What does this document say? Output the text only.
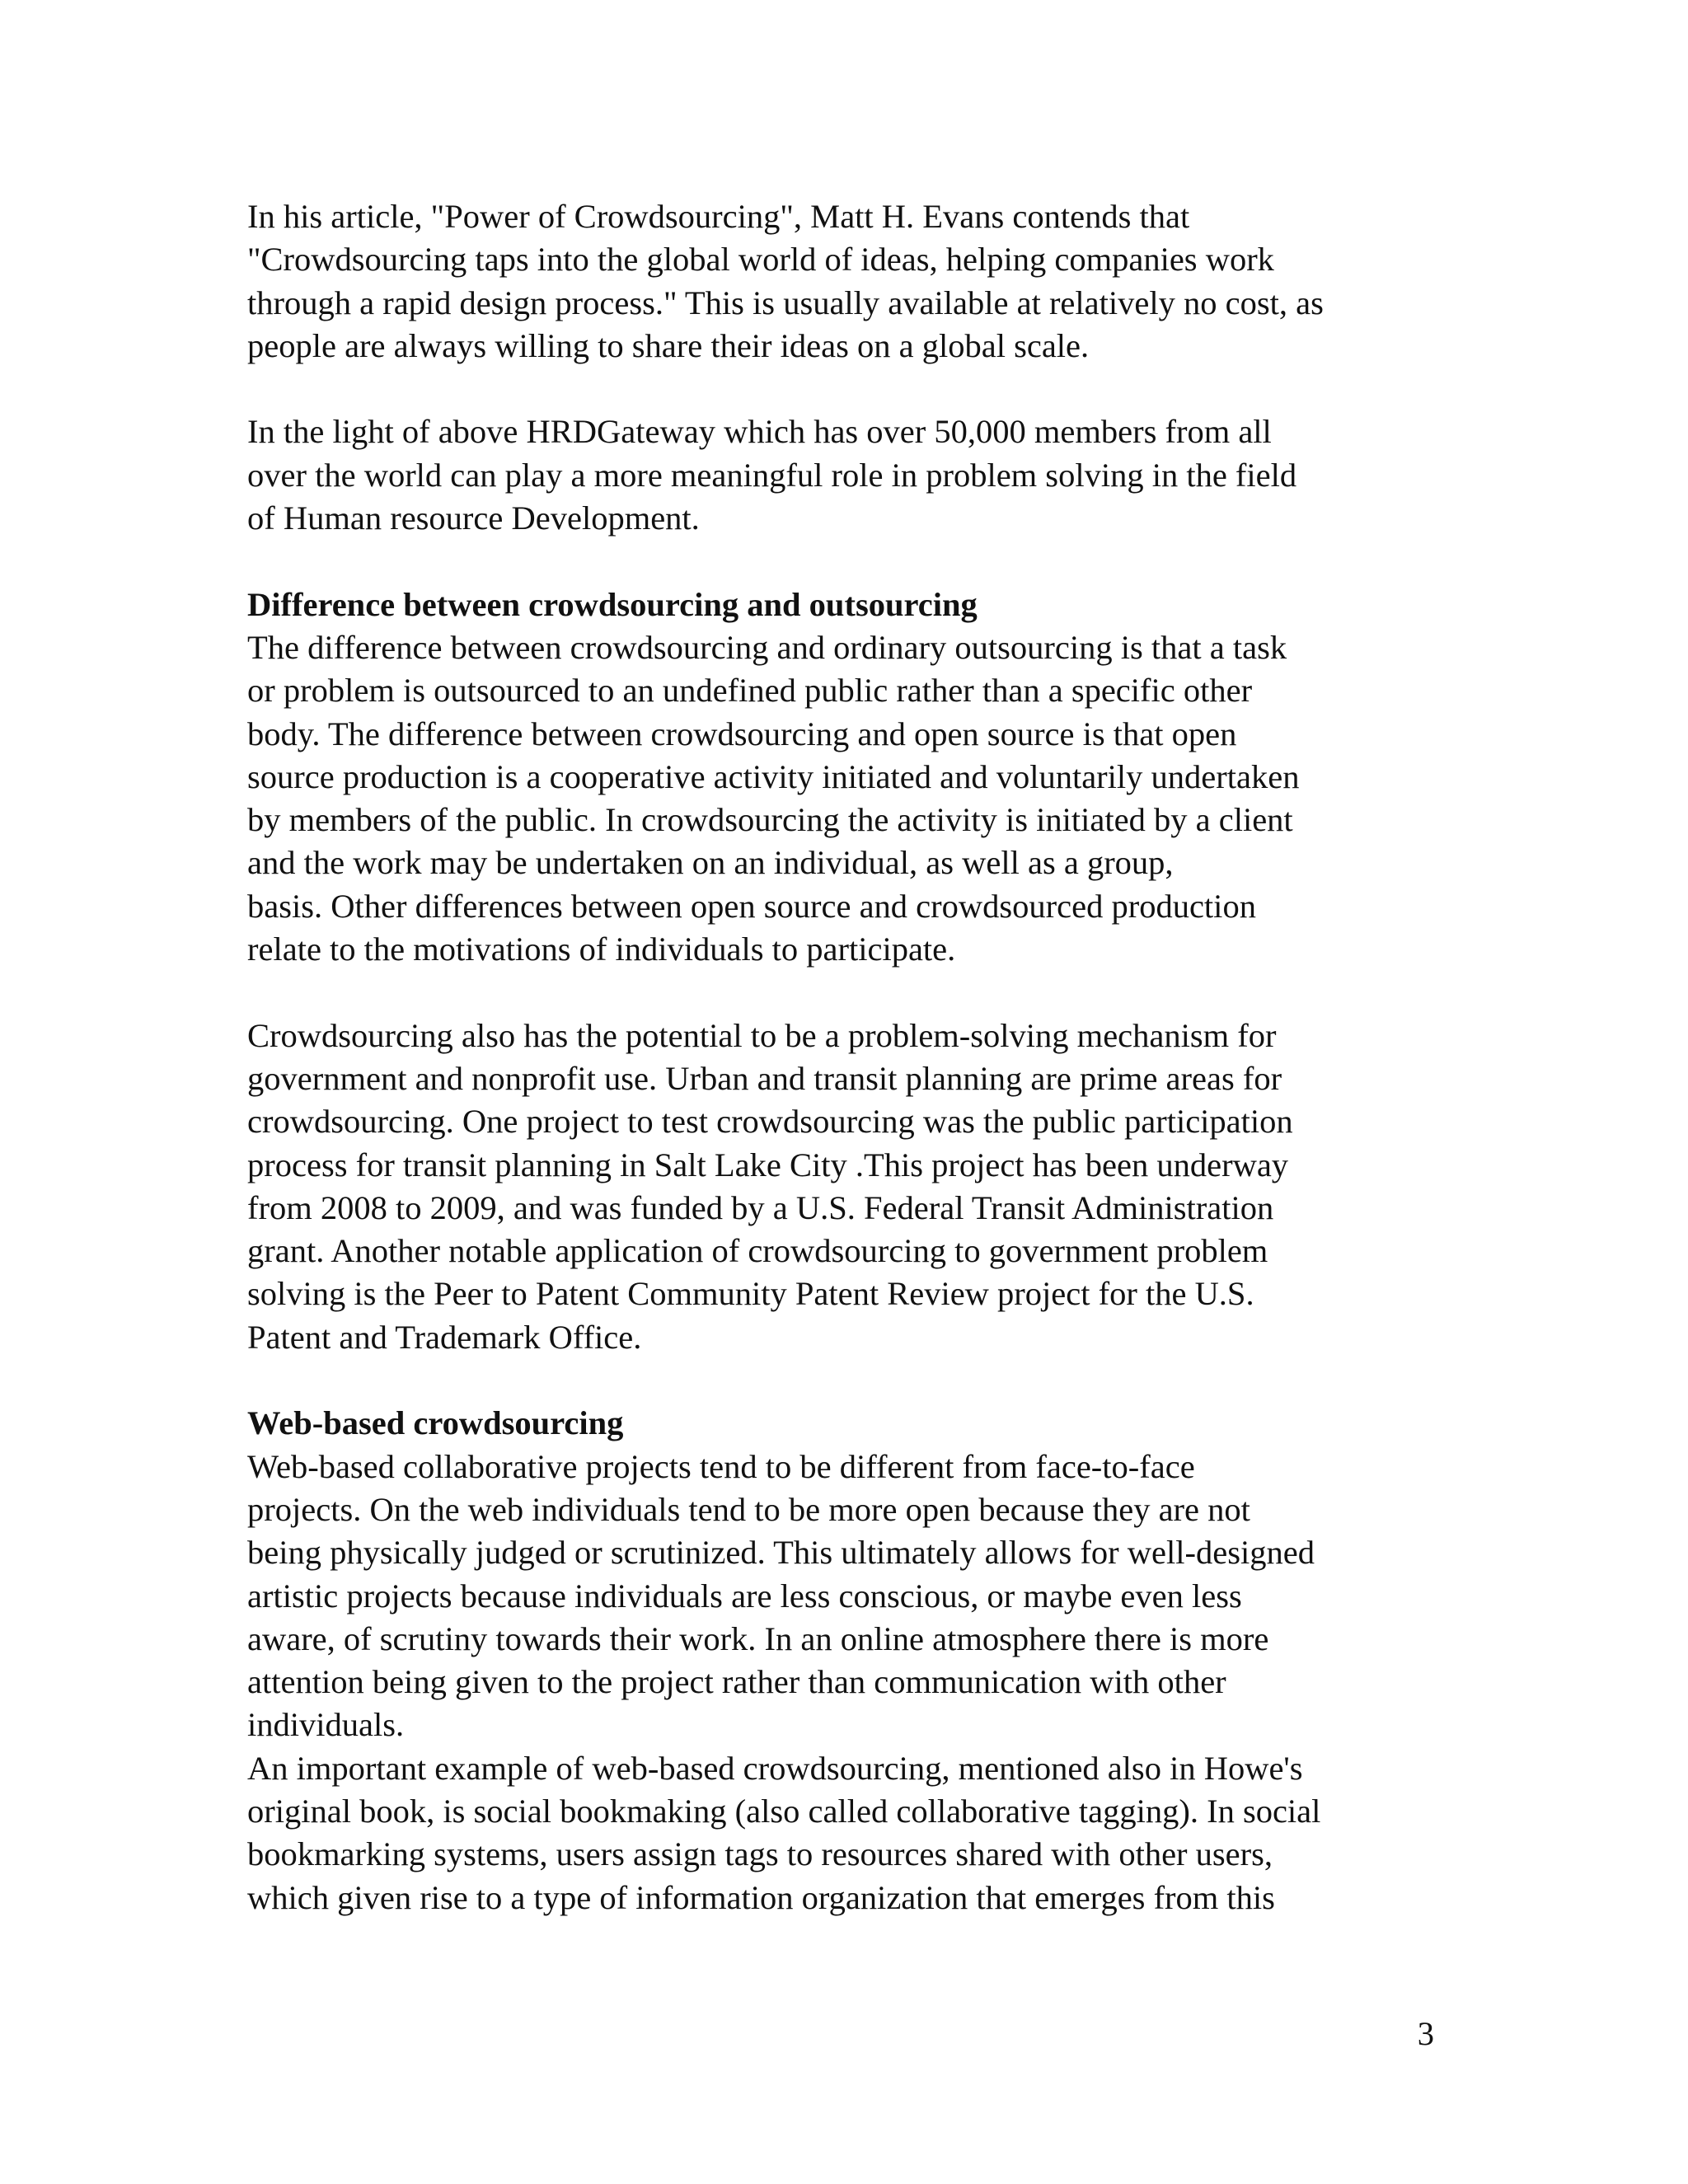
In his article, "Power of Crowdsourcing", Matt H. Evans contends that
"Crowdsourcing taps into the global world of ideas, helping companies work
through a rapid design process." This is usually available at relatively no cost, as
people are always willing to share their ideas on a global scale.
In the light of above HRDGateway which has over 50,000 members from all
over the world can play a more meaningful role in problem solving in the field
of Human resource Development.
Difference between crowdsourcing and outsourcing
The difference between crowdsourcing and ordinary outsourcing is that a task
or problem is outsourced to an undefined public rather than a specific other
body. The difference between crowdsourcing and open source is that open
source production is a cooperative activity initiated and voluntarily undertaken
by members of the public. In crowdsourcing the activity is initiated by a client
and the work may be undertaken on an individual, as well as a group,
basis. Other differences between open source and crowdsourced production
relate to the motivations of individuals to participate.
Crowdsourcing also has the potential to be a problem-solving mechanism for
government and nonprofit use. Urban and transit planning are prime areas for
crowdsourcing. One project to test crowdsourcing was the public participation
process for transit planning in Salt Lake City .This project has been underway
from 2008 to 2009, and was funded by a U.S. Federal Transit Administration
grant. Another notable application of crowdsourcing to government problem
solving is the Peer to Patent Community Patent Review project for the U.S.
Patent and Trademark Office.
Web-based crowdsourcing
Web-based collaborative projects tend to be different from face-to-face
projects. On the web individuals tend to be more open because they are not
being physically judged or scrutinized. This ultimately allows for well-designed
artistic projects because individuals are less conscious, or maybe even less
aware, of scrutiny towards their work. In an online atmosphere there is more
attention being given to the project rather than communication with other
individuals.
An important example of web-based crowdsourcing, mentioned also in Howe's
original book, is social bookmaking (also called collaborative tagging). In social
bookmarking systems, users assign tags to resources shared with other users,
which given rise to a type of information organization that emerges from this
3
